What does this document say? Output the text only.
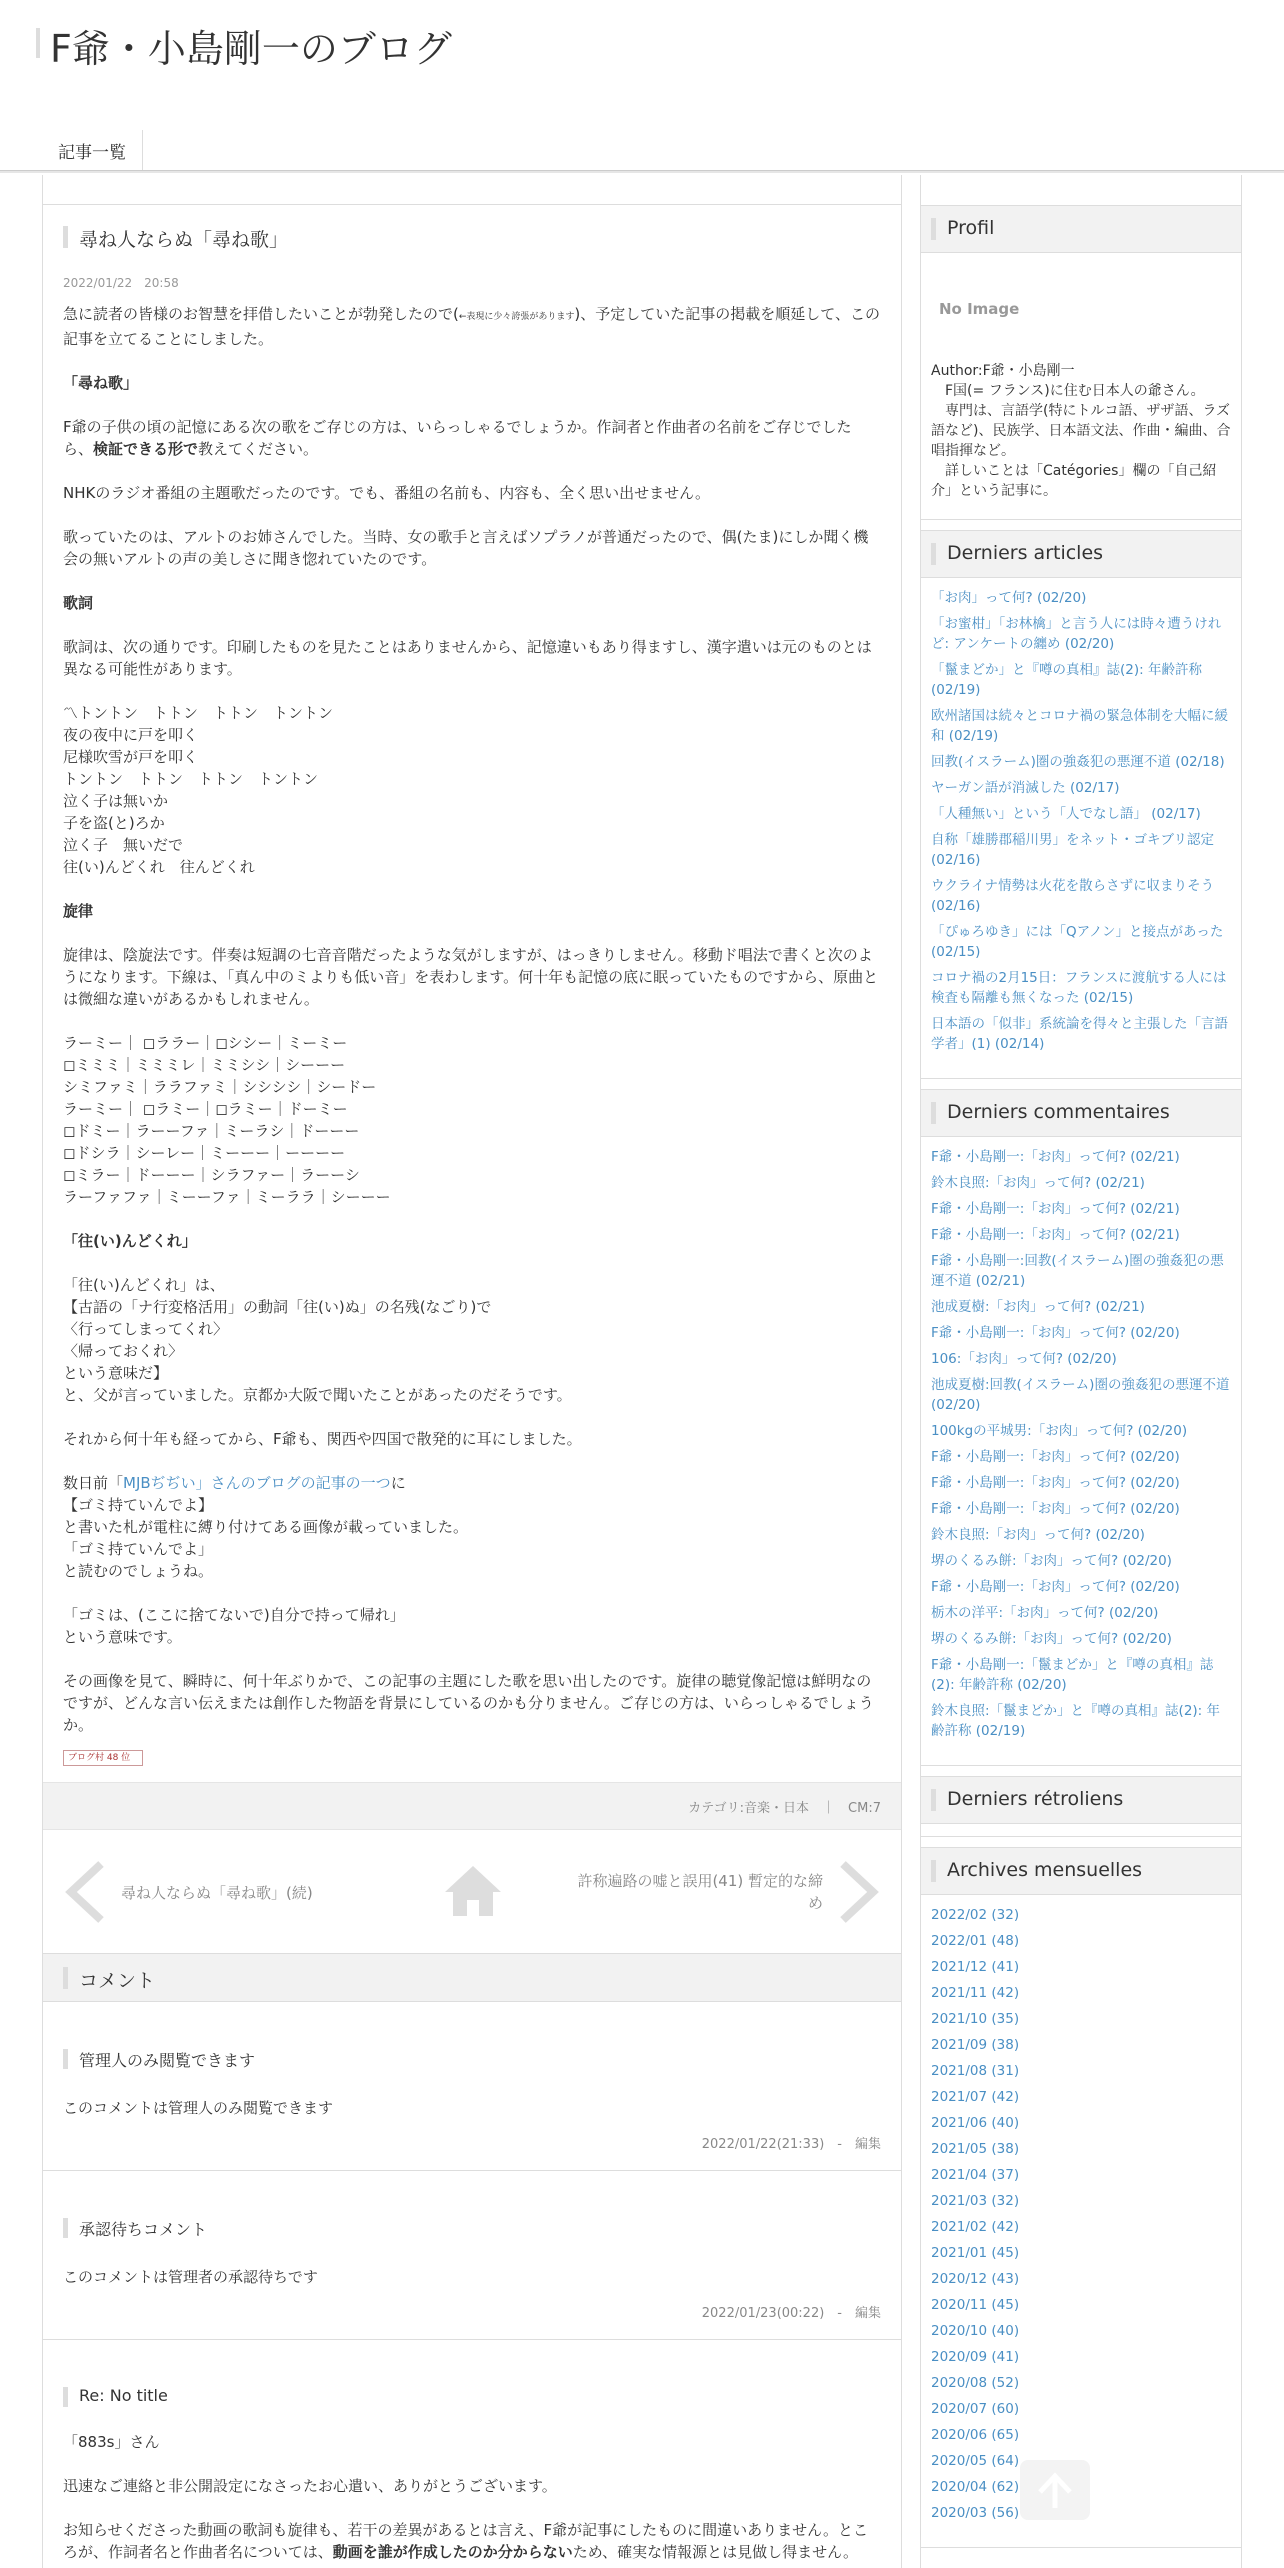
F爺・小島剛一のブログ
記事一覧
尋ね人ならぬ「尋ね歌」
2022/01/22　20:58

急に読者の皆様のお智慧を拝借したいことが勃発したので(←表現に少々誇張があります)、予定していた記事の掲載を順延して、この記事を立てることにしました。

「尋ね歌」

F爺の子供の頃の記憶にある次の歌をご存じの方は、いらっしゃるでしょうか。作詞者と作曲者の名前をご存じでしたら、検証できる形で教えてください。

NHKのラジオ番組の主題歌だったのです。でも、番組の名前も、内容も、全く思い出せません。

歌っていたのは、アルトのお姉さんでした。当時、女の歌手と言えばソプラノが普通だったので、偶(たま)にしか聞く機会の無いアルトの声の美しさに聞き惚れていたのです。

歌詞

歌詞は、次の通りです。印刷したものを見たことはありませんから、記憶違いもあり得ますし、漢字遣いは元のものとは異なる可能性があります。

〽トントン　トトン　トトン　トントン
夜の夜中に戸を叩く
尼様吹雪が戸を叩く
トントン　トトン　トトン　トントン
泣く子は無いか
子を盗(と)ろか
泣く子　無いだで
往(い)んどくれ　往んどくれ

旋律

旋律は、陰旋法です。伴奏は短調の七音音階だったような気がしますが、はっきりしません。移動ド唱法で書くと次のようになります。下線は、「真ん中のミよりも低い音」を表わします。何十年も記憶の底に眠っていたものですから、原曲とは微細な違いがあるかもしれません。

ラーミー｜ ◻ララー｜◻シシー｜ミーミー
◻ミミミ｜ミミミレ｜ミミシシ｜シーーー
シミファミ｜ララファミ｜シシシシ｜シードー
ラーミー｜ ◻ラミー｜◻ラミー｜ドーミー
◻ドミー｜ラーーファ｜ミーラシ｜ドーーー
◻ドシラ｜シーレー｜ミーーー｜ーーーー
◻ミラー｜ドーーー｜シラファー｜ラーーシ
ラーファファ｜ミーーファ｜ミーララ｜シーーー

「往(い)んどくれ」

「往(い)んどくれ」は、
【古語の「ナ行変格活用」の動詞「往(い)ぬ」の名残(なごり)で
〈行ってしまってくれ〉
〈帰っておくれ〉
という意味だ】
と、父が言っていました。京都か大阪で聞いたことがあったのだそうです。

それから何十年も経ってから、F爺も、関西や四国で散発的に耳にしました。

数日前「MJBぢぢい」さんのブログの記事の一つに
【ゴミ持ていんでよ】
と書いた札が電柱に縛り付けてある画像が載っていました。
「ゴミ持ていんでよ」
と読むのでしょうね。

「ゴミは、(ここに捨てないで)自分で持って帰れ」
という意味です。

その画像を見て、瞬時に、何十年ぶりかで、この記事の主題にした歌を思い出したのです。旋律の聴覚像記憶は鮮明なのですが、どんな言い伝えまたは創作した物語を背景にしているのかも分りません。ご存じの方は、いらっしゃるでしょうか。

ブログ村 48 位
カテゴリ:音楽・日本　｜　CM:7
尋ね人ならぬ「尋ね歌」(続)
許称遍路の嘘と誤用(41) 暫定的な締め
コメント
管理人のみ閲覧できます
このコメントは管理人のみ閲覧できます
2022/01/22(21:33)　-　編集
承認待ちコメント
このコメントは管理者の承認待ちです
2022/01/23(00:22)　-　編集
Re: No title

「883s」さん

迅速なご連絡と非公開設定になさったお心遣い、ありがとうございます。

お知らせくださった動画の歌詞も旋律も、若干の差異があるとは言え、F爺が記事にしたものに間違いありません。ところが、作詞者名と作曲者名については、動画を誰が作成したのか分からないため、確実な情報源とは見做し得ません。

Profil
No Image
Author:F爺・小島剛一
　F国(= フランス)に住む日本人の爺さん。
　専門は、言語学(特にトルコ語、ザザ語、ラズ語など)、民族学、日本語文法、作曲・編曲、合唱指揮など。
　詳しいことは「Catégories」欄の「自己紹介」という記事に。
Derniers articles
「お肉」って何? (02/20)
「お蜜柑」「お林檎」と言う人には時々遭うけれど: アンケートの纏め (02/20)
「鬣まどか」と『噂の真相』誌(2): 年齢許称 (02/19)
欧州諸国は続々とコロナ禍の緊急体制を大幅に緩和 (02/19)
回教(イスラーム)圏の強姦犯の悪運不道 (02/18)
ヤーガン語が消滅した (02/17)
「人種無い」という「人でなし語」 (02/17)
自称「雄勝郡稲川男」をネット・ゴキブリ認定 (02/16)
ウクライナ情勢は火花を散らさずに収まりそう (02/16)
「ぴゅろゆき」には「Qアノン」と接点があった (02/15)
コロナ禍の2月15日：フランスに渡航する人には検査も隔離も無くなった (02/15)
日本語の「似非」系統論を得々と主張した「言語学者」(1) (02/14)
Derniers commentaires
F爺・小島剛一:「お肉」って何? (02/21)
鈴木良照:「お肉」って何? (02/21)
F爺・小島剛一:「お肉」って何? (02/21)
F爺・小島剛一:「お肉」って何? (02/21)
F爺・小島剛一:回教(イスラーム)圏の強姦犯の悪運不道 (02/21)
池成夏樹:「お肉」って何? (02/21)
F爺・小島剛一:「お肉」って何? (02/20)
106:「お肉」って何? (02/20)
池成夏樹:回教(イスラーム)圏の強姦犯の悪運不道 (02/20)
100kgの平城男:「お肉」って何? (02/20)
F爺・小島剛一:「お肉」って何? (02/20)
F爺・小島剛一:「お肉」って何? (02/20)
F爺・小島剛一:「お肉」って何? (02/20)
鈴木良照:「お肉」って何? (02/20)
堺のくるみ餅:「お肉」って何? (02/20)
F爺・小島剛一:「お肉」って何? (02/20)
栃木の洋平:「お肉」って何? (02/20)
堺のくるみ餅:「お肉」って何? (02/20)
F爺・小島剛一:「鬣まどか」と『噂の真相』誌(2): 年齢許称 (02/20)
鈴木良照:「鬣まどか」と『噂の真相』誌(2): 年齢許称 (02/19)
Derniers rétroliens
Archives mensuelles
2022/02 (32)
2022/01 (48)
2021/12 (41)
2021/11 (42)
2021/10 (35)
2021/09 (38)
2021/08 (31)
2021/07 (42)
2021/06 (40)
2021/05 (38)
2021/04 (37)
2021/03 (32)
2021/02 (42)
2021/01 (45)
2020/12 (43)
2020/11 (45)
2020/10 (40)
2020/09 (41)
2020/08 (52)
2020/07 (60)
2020/06 (65)
2020/05 (64)
2020/04 (62)
2020/03 (56)
